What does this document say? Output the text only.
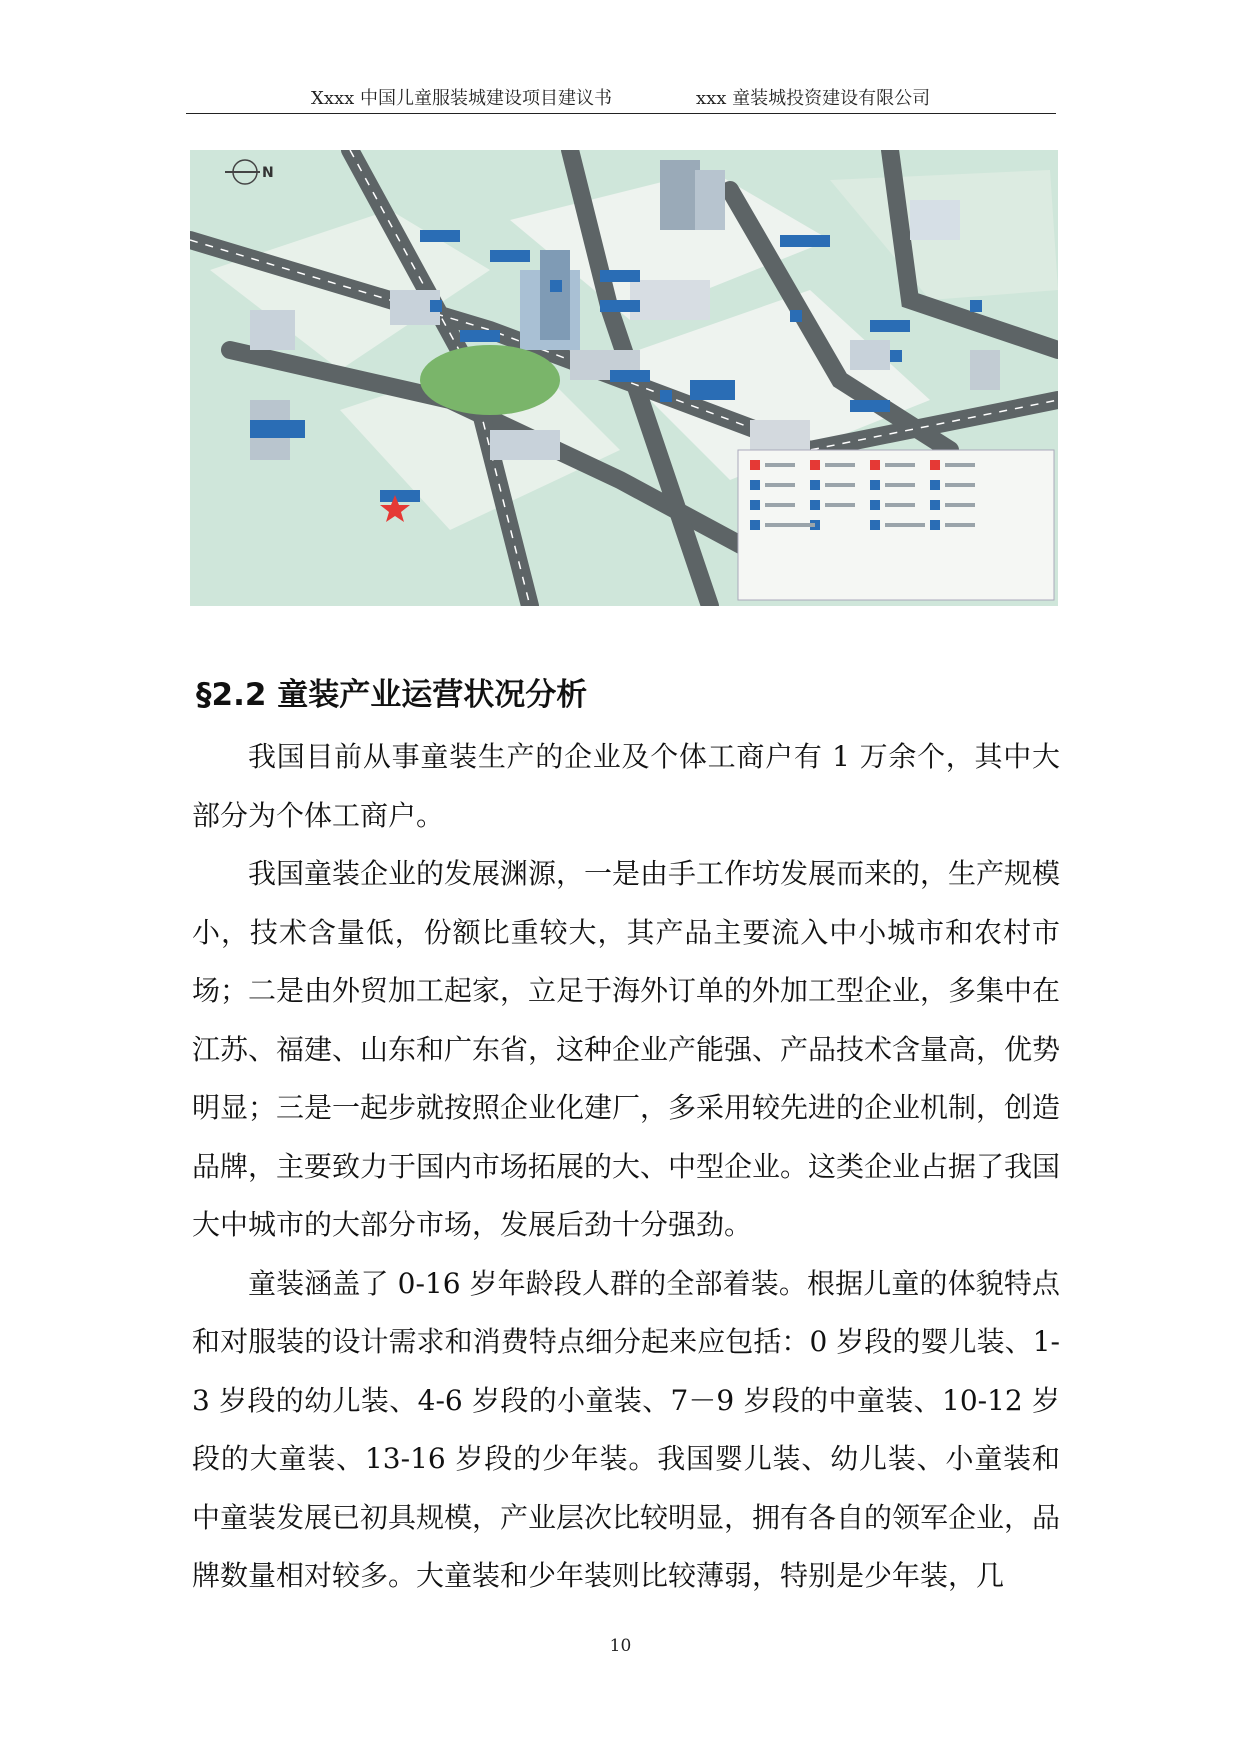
Xxxx 中国儿童服装城建设项目建议书	xxx 童装城投资建设有限公司
N
§2.2 童装产业运营状况分析

我国目前从事童装生产的企业及个体工商户有 1 万余个，其中大部分为个体工商户。

我国童装企业的发展渊源，一是由手工作坊发展而来的，生产规模小，技术含量低，份额比重较大，其产品主要流入中小城市和农村市场；二是由外贸加工起家，立足于海外订单的外加工型企业，多集中在江苏、福建、山东和广东省，这种企业产能强、产品技术含量高，优势明显；三是一起步就按照企业化建厂，多采用较先进的企业机制，创造品牌，主要致力于国内市场拓展的大、中型企业。这类企业占据了我国大中城市的大部分市场，发展后劲十分强劲。

童装涵盖了 0-16 岁年龄段人群的全部着装。根据儿童的体貌特点和对服装的设计需求和消费特点细分起来应包括：0 岁段的婴儿装、1-3 岁段的幼儿装、4-6 岁段的小童装、7－9 岁段的中童装、10-12 岁段的大童装、13-16 岁段的少年装。我国婴儿装、幼儿装、小童装和中童装发展已初具规模，产业层次比较明显，拥有各自的领军企业，品牌数量相对较多。大童装和少年装则比较薄弱，特别是少年装，几

10
